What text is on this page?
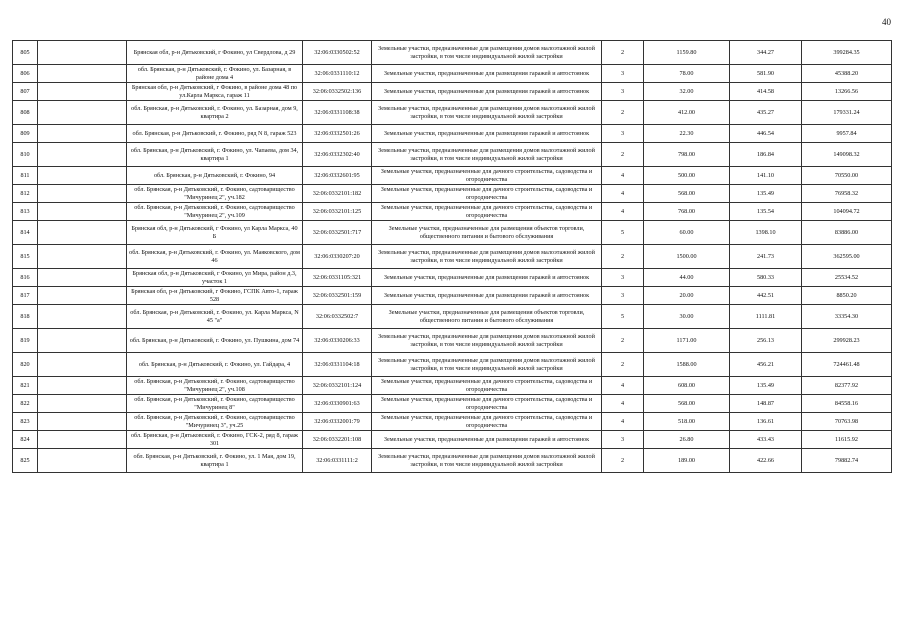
40
805		Брянская обл, р-н Дятьковский, г Фокино, ул Свердлова, д 29	32:06:0330502:52	Земельные участки, предназначенные для размещения домов малоэтажной жилой застройки, в том числе индивидуальной жилой застройки	2	1159.80	344.27	399284.35
806		обл. Брянская, р-н Дятьковский, г. Фокино, ул. Базарная, в районе дома 4	32:06:0331110:12	Земельные участки, предназначенные для размещения гаражей и автостоянок	3	78.00	581.90	45388.20
807		Брянская обл, р-н Дятьковский, г Фокино, в районе дома 48 по ул.Карла Маркса, гараж 11	32:06:0332502:136	Земельные участки, предназначенные для размещения гаражей и автостоянок	3	32.00	414.58	13266.56
808		обл. Брянская, р-н Дятьковский, г. Фокино, ул. Базарная, дом 9, квартира 2	32:06:0331108:38	Земельные участки, предназначенные для размещения домов малоэтажной жилой застройки, в том числе индивидуальной жилой застройки	2	412.00	435.27	179331.24
809		обл. Брянская, р-н Дятьковский, г. Фокино, ряд N 8, гараж 523	32:06:0332501:26	Земельные участки, предназначенные для размещения гаражей и автостоянок	3	22.30	446.54	9957.84
810		обл. Брянская, р-н Дятьковский, г. Фокино, ул. Чапаева, дом 34, квартира 1	32:06:0332302:40	Земельные участки, предназначенные для размещения домов малоэтажной жилой застройки, в том числе индивидуальной жилой застройки	2	798.00	186.84	149098.32
811		обл. Брянская, р-н Дятьковский, г. Фокино, 94	32:06:0332601:95	Земельные участки, предназначенные для дачного строительства, садоводства и огородничества	4	500.00	141.10	70550.00
812		обл. Брянская, р-н Дятьковский, г. Фокино, садтоварищество "Мичуринец 2", уч.182	32:06:0332101:182	Земельные участки, предназначенные для дачного строительства, садоводства и огородничества	4	568.00	135.49	76958.32
813		обл. Брянская, р-н Дятьковский, г. Фокино, садтоварищество "Мичуринец 2", уч.109	32:06:0332101:125	Земельные участки, предназначенные для дачного строительства, садоводства и огородничества	4	768.00	135.54	104094.72
814		Брянская обл, р-н Дятьковский, г Фокино, ул Карла Маркса, 40 Б	32:06:0332501:717	Земельные участки, предназначенные для размещения объектов торговли, общественного питания и бытового обслуживания	5	60.00	1398.10	83886.00
815		обл. Брянская, р-н Дятьковский, г. Фокино, ул. Маяковского, дом 46	32:06:0330207:20	Земельные участки, предназначенные для размещения домов малоэтажной жилой застройки, в том числе индивидуальной жилой застройки	2	1500.00	241.73	362595.00
816		Брянская обл, р-н Дятьковский, г Фокино, ул Мира, район д.3, участок 1	32:06:0331105:321	Земельные участки, предназначенные для размещения гаражей и автостоянок	3	44.00	580.33	25534.52
817		Брянская обл, р-н Дятьковский, г Фокино, ГСПК Авто-1, гараж 528	32:06:0332501:159	Земельные участки, предназначенные для размещения гаражей и автостоянок	3	20.00	442.51	8850.20
818		обл. Брянская, р-н Дятьковский, г. Фокино, ул. Карла Маркса, N 45 "а"	32:06:0332502:7	Земельные участки, предназначенные для размещения объектов торговли, общественного питания и бытового обслуживания	5	30.00	1111.81	33354.30
819		обл. Брянская, р-н Дятьковский, г. Фокино, ул. Пушкина, дом 74	32:06:0330206:33	Земельные участки, предназначенные для размещения домов малоэтажной жилой застройки, в том числе индивидуальной жилой застройки	2	1171.00	256.13	299928.23
820		обл. Брянская, р-н Дятьковский, г. Фокино, ул. Гайдара, 4	32:06:0331104:18	Земельные участки, предназначенные для размещения домов малоэтажной жилой застройки, в том числе индивидуальной жилой застройки	2	1588.00	456.21	724461.48
821		обл. Брянская, р-н Дятьковский, г. Фокино, садтоварищество "Мичуринец 2", уч.108	32:06:0332101:124	Земельные участки, предназначенные для дачного строительства, садоводства и огородничества	4	608.00	135.49	82377.92
822		обл. Брянская, р-н Дятьковский, г. Фокино, садтоварищество "Мичуринец 8"	32:06:0330901:63	Земельные участки, предназначенные для дачного строительства, садоводства и огородничества	4	568.00	148.87	84558.16
823		обл. Брянская, р-н Дятьковский, г. Фокино, садтоварищество "Мичуринец 3", уч.25	32:06:0332001:79	Земельные участки, предназначенные для дачного строительства, садоводства и огородничества	4	518.00	136.61	70763.98
824		обл. Брянская, р-н Дятьковский, г. Фокино, ГСК-2, ряд 8, гараж 301	32:06:0332201:108	Земельные участки, предназначенные для размещения гаражей и автостоянок	3	26.80	433.43	11615.92
825		обл. Брянская, р-н Дятьковский, г. Фокино, ул. 1 Мая, дом 19, квартира 1	32:06:0331111:2	Земельные участки, предназначенные для размещения домов малоэтажной жилой застройки, в том числе индивидуальной жилой застройки	2	189.00	422.66	79882.74
